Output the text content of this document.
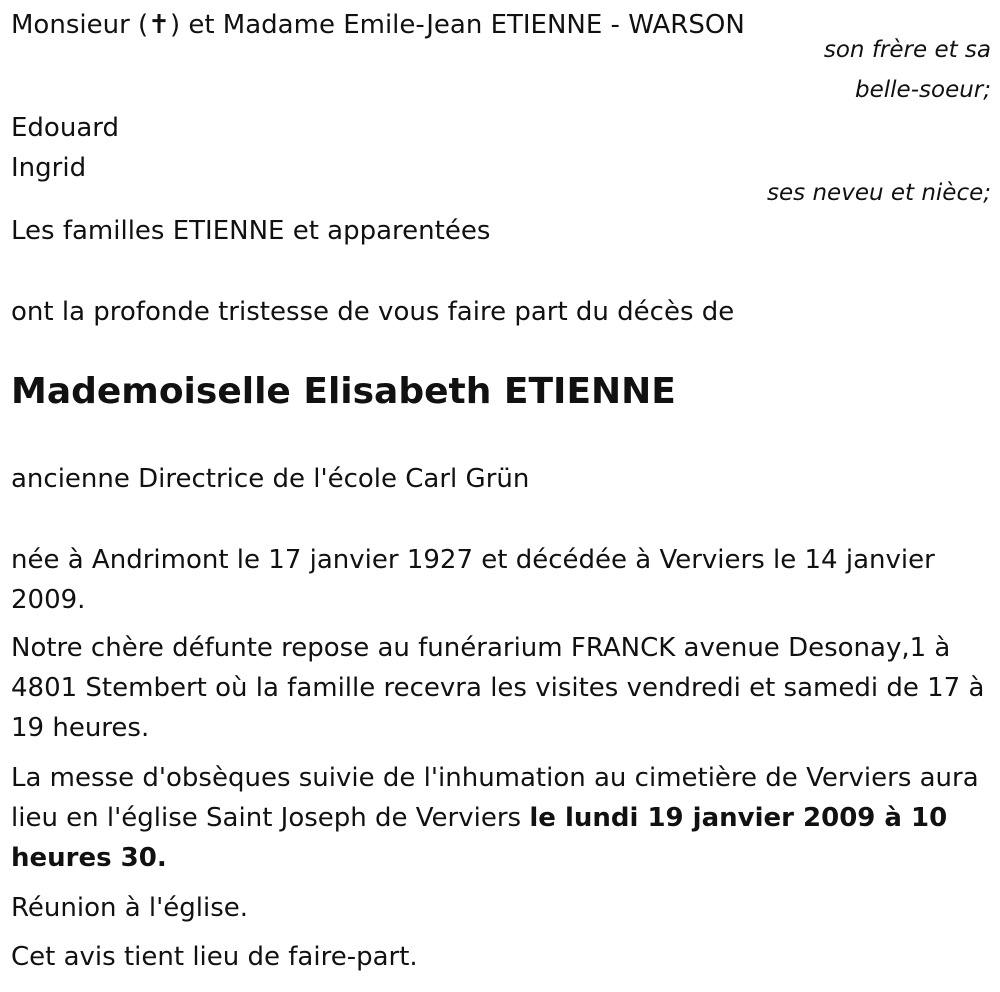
Monsieur (✝) et Madame Emile-Jean ETIENNE - WARSON
son frère et sa
belle-soeur;
Edouard
Ingrid
ses neveu et nièce;
Les familles ETIENNE et apparentées
ont la profonde tristesse de vous faire part du décès de
Mademoiselle Elisabeth ETIENNE
ancienne Directrice de l'école Carl Grün
née à Andrimont le 17 janvier 1927 et décédée à Verviers le 14 janvier 2009.
Notre chère défunte repose au funérarium FRANCK avenue Desonay,1 à 4801 Stembert où la famille recevra les visites vendredi et samedi de 17 à 19 heures.
La messe d'obsèques suivie de l'inhumation au cimetière de Verviers aura lieu en l'église Saint Joseph de Verviers le lundi 19 janvier 2009 à 10 heures 30.
Réunion à l'église.
Cet avis tient lieu de faire-part.
